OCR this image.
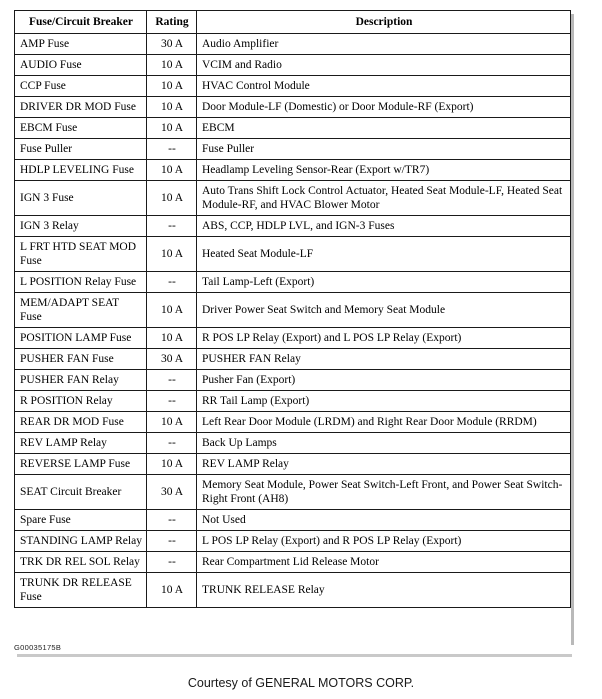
Fuse/Circuit Breaker	Rating	Description
AMP Fuse	30 A	Audio Amplifier
AUDIO Fuse	10 A	VCIM and Radio
CCP Fuse	10 A	HVAC Control Module
DRIVER DR MOD Fuse	10 A	Door Module-LF (Domestic) or Door Module-RF (Export)
EBCM Fuse	10 A	EBCM
Fuse Puller	--	Fuse Puller
HDLP LEVELING Fuse	10 A	Headlamp Leveling Sensor-Rear (Export w/TR7)
IGN 3 Fuse	10 A	Auto Trans Shift Lock Control Actuator, Heated Seat Module-LF, Heated Seat Module-RF, and HVAC Blower Motor
IGN 3 Relay	--	ABS, CCP, HDLP LVL, and IGN-3 Fuses
L FRT HTD SEAT MOD Fuse	10 A	Heated Seat Module-LF
L POSITION Relay Fuse	--	Tail Lamp-Left (Export)
MEM/ADAPT SEAT Fuse	10 A	Driver Power Seat Switch and Memory Seat Module
POSITION LAMP Fuse	10 A	R POS LP Relay (Export) and L POS LP Relay (Export)
PUSHER FAN Fuse	30 A	PUSHER FAN Relay
PUSHER FAN Relay	--	Pusher Fan (Export)
R POSITION Relay	--	RR Tail Lamp (Export)
REAR DR MOD Fuse	10 A	Left Rear Door Module (LRDM) and Right Rear Door Module (RRDM)
REV LAMP Relay	--	Back Up Lamps
REVERSE LAMP Fuse	10 A	REV LAMP Relay
SEAT Circuit Breaker	30 A	Memory Seat Module, Power Seat Switch-Left Front, and Power Seat Switch-Right Front (AH8)
Spare Fuse	--	Not Used
STANDING LAMP Relay	--	L POS LP Relay (Export) and R POS LP Relay (Export)
TRK DR REL SOL Relay	--	Rear Compartment Lid Release Motor
TRUNK DR RELEASE Fuse	10 A	TRUNK RELEASE Relay
G00035175B
Courtesy of GENERAL MOTORS CORP.
